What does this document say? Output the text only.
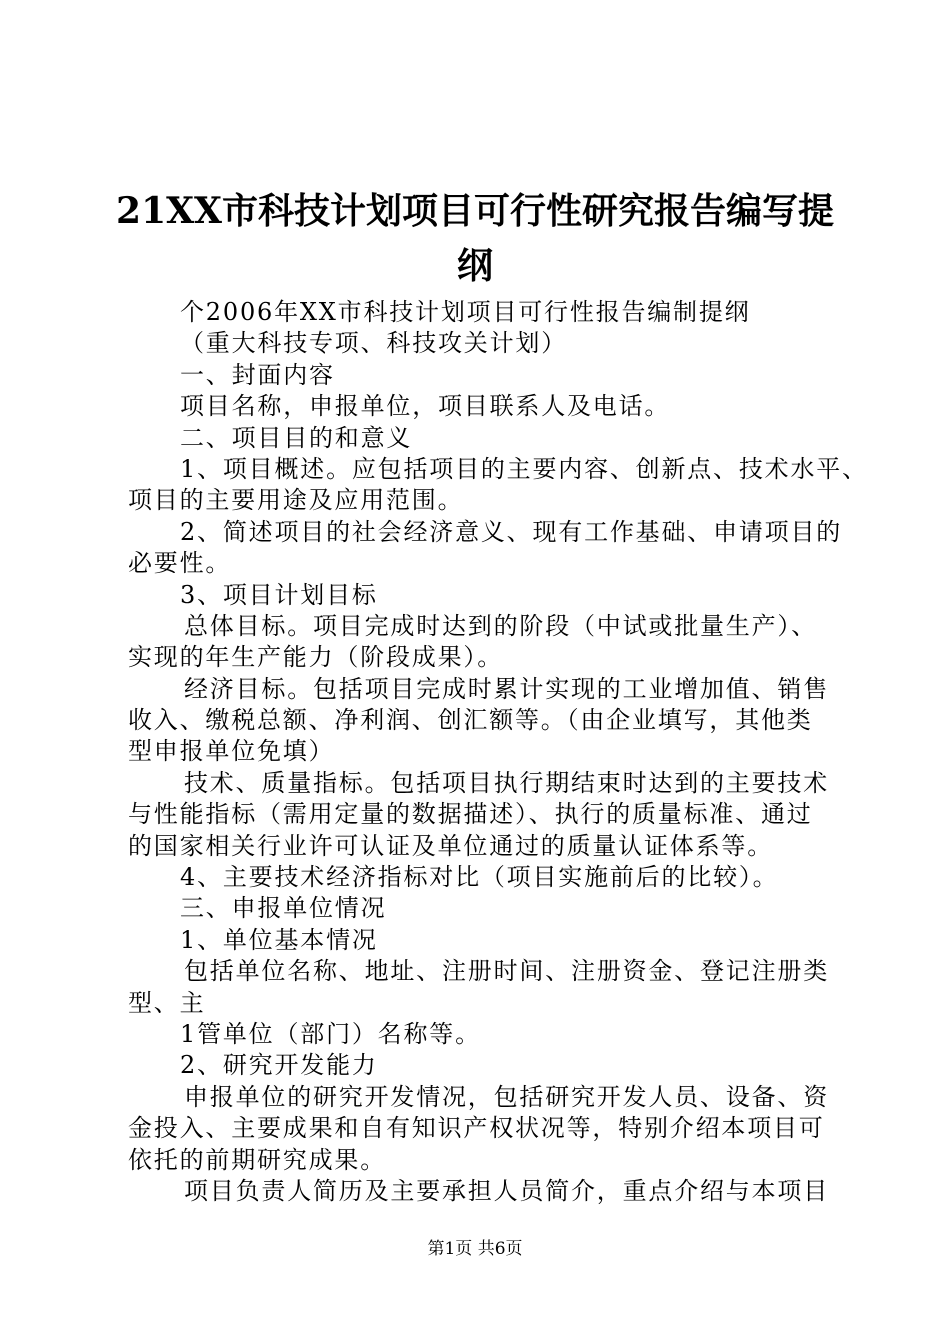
21XX市科技计划项目可行性研究报告编写提
纲
个2006年XX市科技计划项目可行性报告编制提纲
（重大科技专项、科技攻关计划）
一、封面内容
项目名称，申报单位，项目联系人及电话。
二、项目目的和意义
1、项目概述。应包括项目的主要内容、创新点、技术水平、
项目的主要用途及应用范围。
2、简述项目的社会经济意义、现有工作基础、申请项目的
必要性。
3、项目计划目标
总体目标。项目完成时达到的阶段（中试或批量生产）、
实现的年生产能力（阶段成果）。
经济目标。包括项目完成时累计实现的工业增加值、销售
收入、缴税总额、净利润、创汇额等。（由企业填写，其他类
型申报单位免填）
技术、质量指标。包括项目执行期结束时达到的主要技术
与性能指标（需用定量的数据描述）、执行的质量标准、通过
的国家相关行业许可认证及单位通过的质量认证体系等。
4、主要技术经济指标对比（项目实施前后的比较）。
三、申报单位情况
1、单位基本情况
包括单位名称、地址、注册时间、注册资金、登记注册类
型、主
1管单位（部门）名称等。
2、研究开发能力
申报单位的研究开发情况，包括研究开发人员、设备、资
金投入、主要成果和自有知识产权状况等，特别介绍本项目可
依托的前期研究成果。
项目负责人简历及主要承担人员简介，重点介绍与本项目
第1页 共6页
